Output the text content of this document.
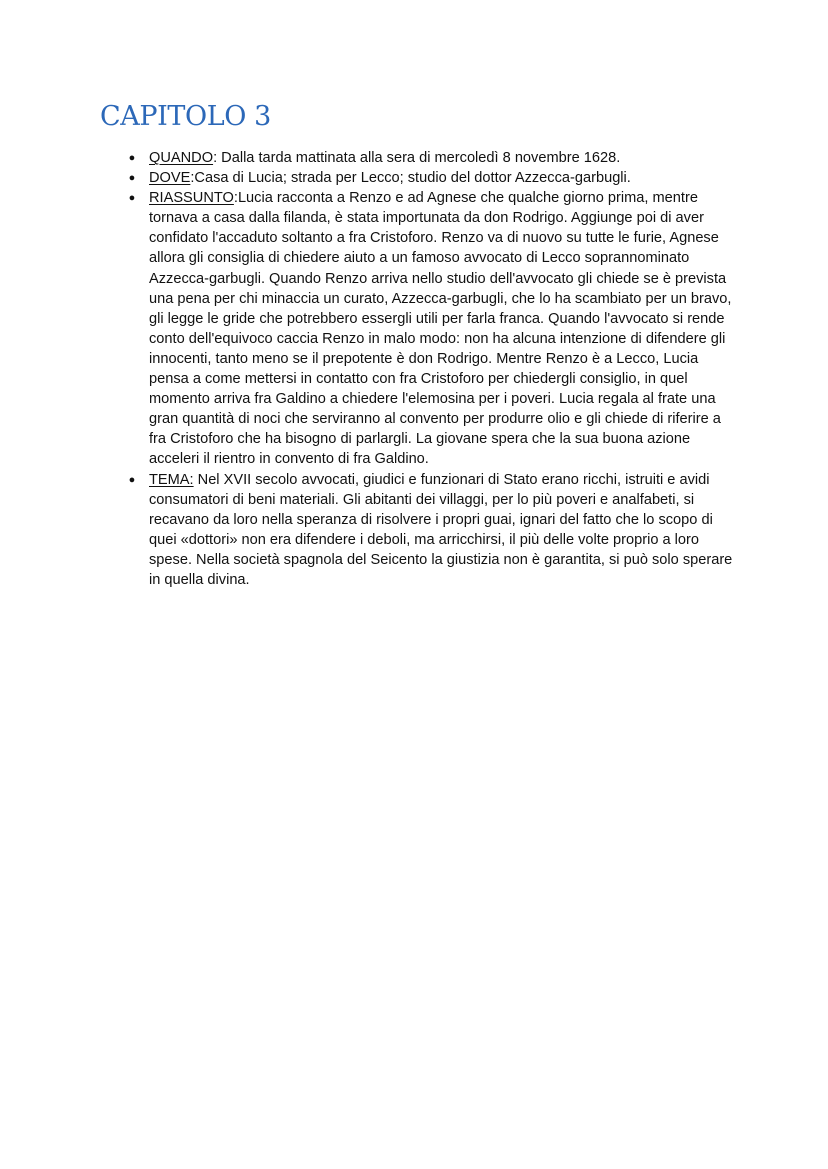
CAPITOLO 3
● QUANDO: Dalla tarda mattinata alla sera di mercoledì 8 novembre 1628.
● DOVE:Casa di Lucia; strada per Lecco; studio del dottor Azzecca-garbugli.
● RIASSUNTO:Lucia racconta a Renzo e ad Agnese che qualche giorno prima, mentre tornava a casa dalla filanda, è stata importunata da don Rodrigo. Aggiunge poi di aver confidato l'accaduto soltanto a fra Cristoforo. Renzo va di nuovo su tutte le furie, Agnese allora gli consiglia di chiedere aiuto a un famoso avvocato di Lecco soprannominato Azzecca-garbugli. Quando Renzo arriva nello studio dell'avvocato gli chiede se è prevista una pena per chi minaccia un curato, Azzecca-garbugli, che lo ha scambiato per un bravo, gli legge le gride che potrebbero essergli utili per farla franca. Quando l'avvocato si rende conto dell'equivoco caccia Renzo in malo modo: non ha alcuna intenzione di difendere gli innocenti, tanto meno se il prepotente è don Rodrigo. Mentre Renzo è a Lecco, Lucia pensa a come mettersi in contatto con fra Cristoforo per chiedergli consiglio, in quel momento arriva fra Galdino a chiedere l'elemosina per i poveri. Lucia regala al frate una gran quantità di noci che serviranno al convento per produrre olio e gli chiede di riferire a fra Cristoforo che ha bisogno di parlargli. La giovane spera che la sua buona azione acceleri il rientro in convento di fra Galdino.
● TEMA: Nel XVII secolo avvocati, giudici e funzionari di Stato erano ricchi, istruiti e avidi consumatori di beni materiali. Gli abitanti dei villaggi, per lo più poveri e analfabeti, si recavano da loro nella speranza di risolvere i propri guai, ignari del fatto che lo scopo di quei «dottori» non era difendere i deboli, ma arricchirsi, il più delle volte proprio a loro spese. Nella società spagnola del Seicento la giustizia non è garantita, si può solo sperare in quella divina.
